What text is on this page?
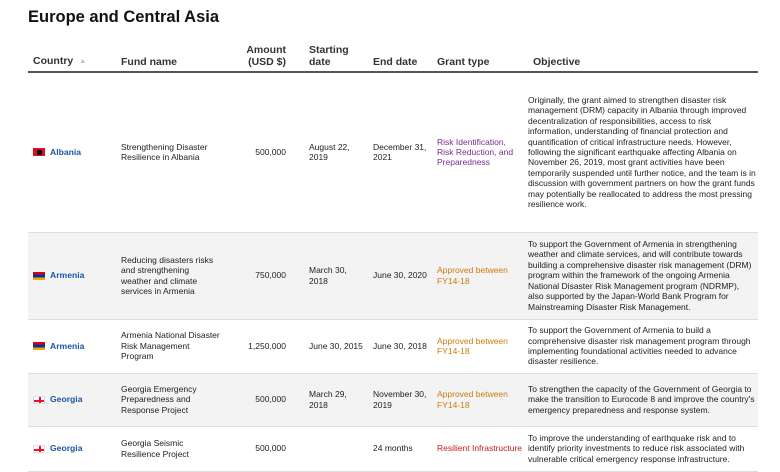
Europe and Central Asia
Country ▲	Fund name	Amount (USD $)	Starting date	End date	Grant type	Objective

Albania	Strengthening Disaster Resilience in Albania	500,000	August 22, 2019	December 31, 2021	Risk Identification, Risk Reduction, and Preparedness	Originally, the grant aimed to strengthen disaster risk management (DRM) capacity in Albania through improved decentralization of responsibilities, access to risk information, understanding of financial protection and quantification of critical infrastructure needs. However, following the significant earthquake affecting Albania on November 26, 2019, most grant activities have been temporarily suspended until further notice, and the team is in discussion with government partners on how the grant funds may potentially be reallocated to address the most pressing resilience work.

Armenia	Reducing disasters risks and strengthening weather and climate services in Armenia	750,000	March 30, 2018	June 30, 2020	Approved between FY14-18	To support the Government of Armenia in strengthening weather and climate services, and will contribute towards building a comprehensive disaster risk management (DRM) program within the framework of the ongoing Armenia National Disaster Risk Management program (NDRMP), also supported by the Japan-World Bank Program for Mainstreaming Disaster Risk Management.

Armenia	Armenia National Disaster Risk Management Program	1,250,000	June 30, 2015	June 30, 2018	Approved between FY14-18	To support the Government of Armenia to build a comprehensive disaster risk management program through implementing foundational activities needed to advance disaster resilience.

Georgia	Georgia Emergency Preparedness and Response Project	500,000	March 29, 2018	November 30, 2019	Approved between FY14-18	To strengthen the capacity of the Government of Georgia to make the transition to Eurocode 8 and improve the country's emergency preparedness and response system.

Georgia	Georgia Seismic Resilience Project	500,000		24 months	Resilient Infrastructure	To improve the understanding of earthquake risk and to identify priority investments to reduce risk associated with vulnerable critical emergency response infrastructure.
